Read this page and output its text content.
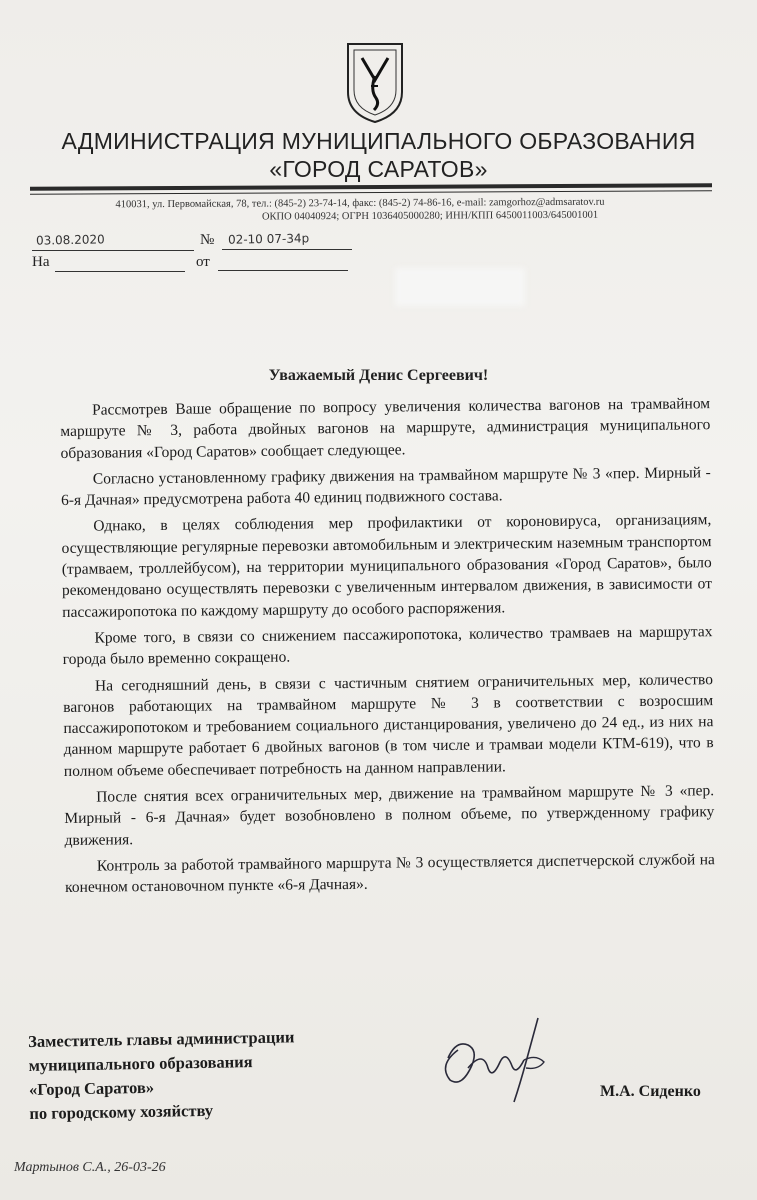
АДМИНИСТРАЦИЯ МУНИЦИПАЛЬНОГО ОБРАЗОВАНИЯ
«ГОРОД САРАТОВ»
410031, ул. Первомайская, 78, тел.: (845-2) 23-74-14, факс: (845-2) 74-86-16, e-mail: zamgorhoz@admsaratov.ru
ОКПО 04040924; ОГРН 1036405000280; ИНН/КПП 6450011003/645001001
03.08.2020	№ 02-10 07-34р
На	от
Уважаемый Денис Сергеевич!

Рассмотрев Ваше обращение по вопросу увеличения количества вагонов на трамвайном маршруте № 3, работа двойных вагонов на маршруте, администрация муниципального образования «Город Саратов» сообщает следующее.

Согласно установленному графику движения на трамвайном маршруте № 3 «пер. Мирный - 6-я Дачная» предусмотрена работа 40 единиц подвижного состава.

Однако, в целях соблюдения мер профилактики от короновируса, организациям, осуществляющие регулярные перевозки автомобильным и электрическим наземным транспортом (трамваем, троллейбусом), на территории муниципального образования «Город Саратов», было рекомендовано осуществлять перевозки с увеличенным интервалом движения, в зависимости от пассажиропотока по каждому маршруту до особого распоряжения.

Кроме того, в связи со снижением пассажиропотока, количество трамваев на маршрутах города было временно сокращено.

На сегодняшний день, в связи с частичным снятием ограничительных мер, количество вагонов работающих на трамвайном маршруте № 3 в соответствии с возросшим пассажиропотоком и требованием социального дистанцирования, увеличено до 24 ед., из них на данном маршруте работает 6 двойных вагонов (в том числе и трамваи модели КТМ-619), что в полном объеме обеспечивает потребность на данном направлении.

После снятия всех ограничительных мер, движение на трамвайном маршруте № 3 «пер. Мирный - 6-я Дачная» будет возобновлено в полном объеме, по утвержденному графику движения.

Контроль за работой трамвайного маршрута № 3 осуществляется диспетчерской службой на конечном остановочном пункте «6-я Дачная».

Заместитель главы администрации
муниципального образования
«Город Саратов»
по городскому хозяйству
М.А. Сиденко
Мартынов С.А., 26-03-26
